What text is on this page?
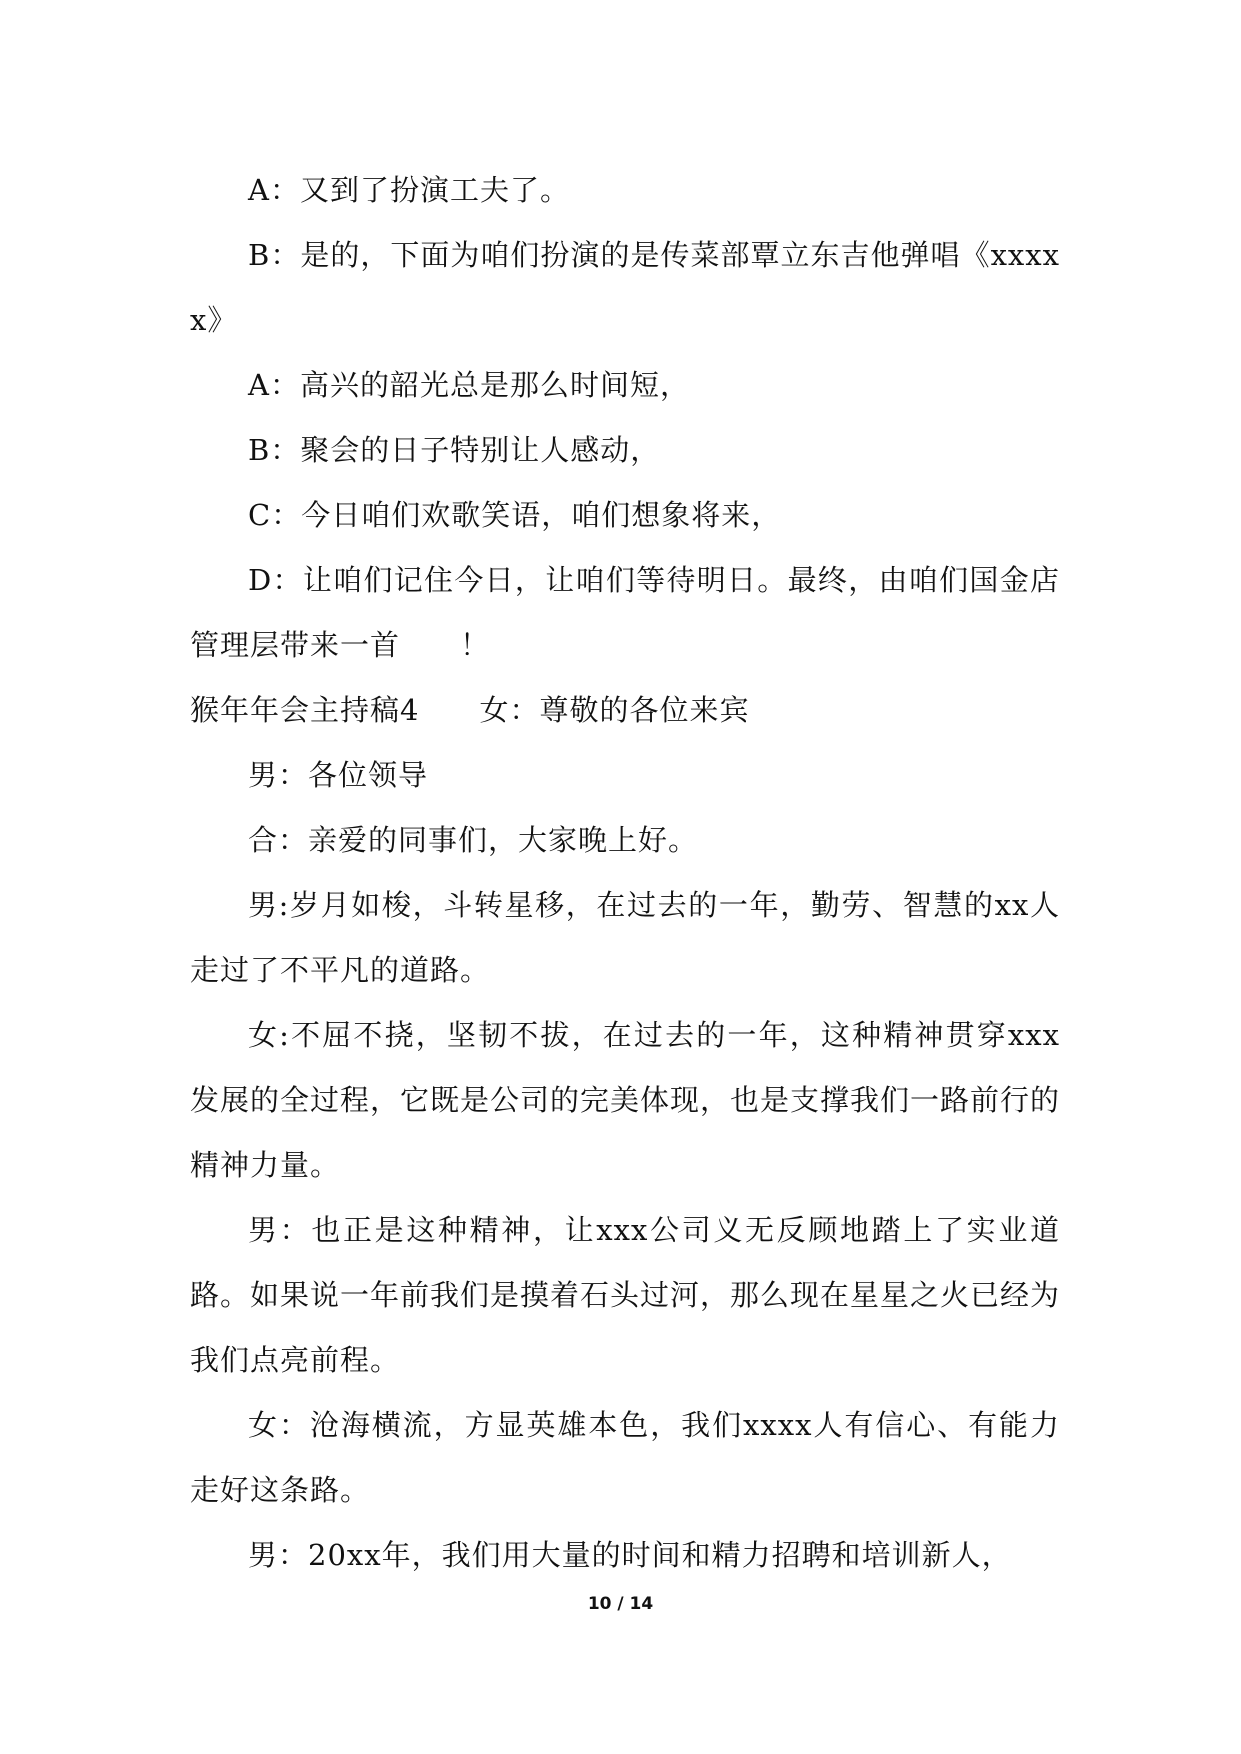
A：又到了扮演工夫了。

B：是的，下面为咱们扮演的是传菜部覃立东吉他弹唱《xxxxx》

A：高兴的韶光总是那么时间短，

B：聚会的日子特别让人感动，

C：今日咱们欢歌笑语，咱们想象将来，

D：让咱们记住今日，让咱们等待明日。最终，由咱们国金店管理层带来一首　　！

猴年年会主持稿4　　女：尊敬的各位来宾

男：各位领导

合：亲爱的同事们，大家晚上好。

男:岁月如梭，斗转星移，在过去的一年，勤劳、智慧的xx人走过了不平凡的道路。

女:不屈不挠，坚韧不拔，在过去的一年，这种精神贯穿xxx发展的全过程，它既是公司的完美体现，也是支撑我们一路前行的精神力量。

男：也正是这种精神，让xxx公司义无反顾地踏上了实业道路。如果说一年前我们是摸着石头过河，那么现在星星之火已经为我们点亮前程。

女：沧海横流，方显英雄本色，我们xxxx人有信心、有能力走好这条路。

男：20xx年，我们用大量的时间和精力招聘和培训新人，

10 / 14
